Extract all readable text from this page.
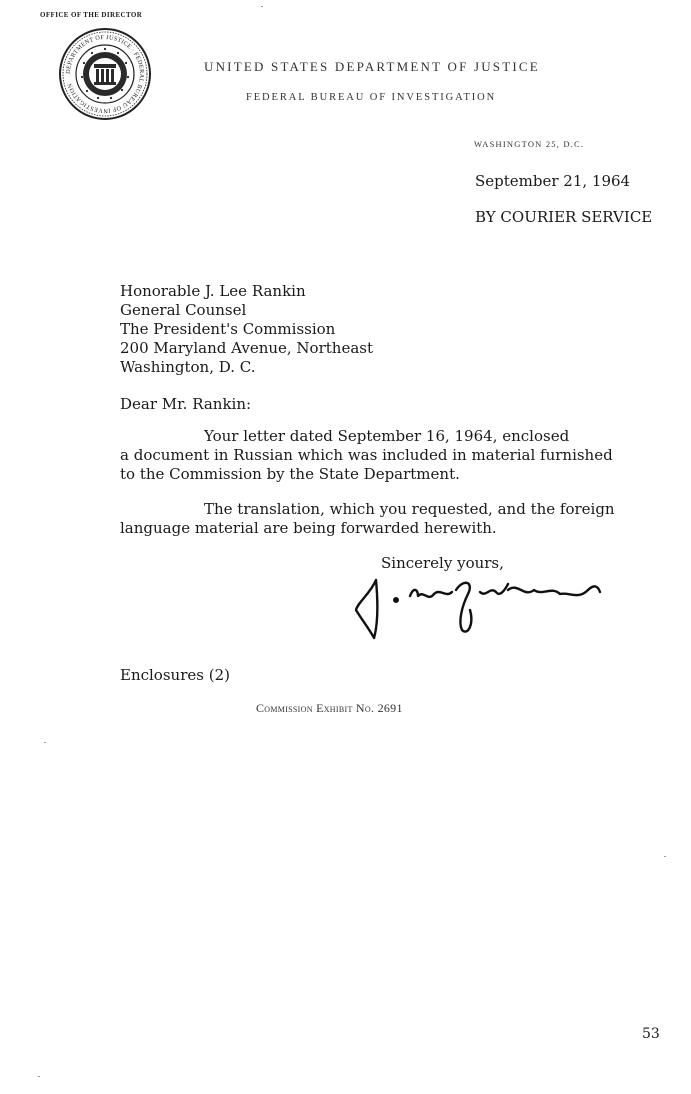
OFFICE OF THE DIRECTOR
DEPARTMENT OF JUSTICE · FEDERAL BUREAU OF INVESTIGATION
UNITED STATES DEPARTMENT OF JUSTICE
FEDERAL BUREAU OF INVESTIGATION
WASHINGTON 25, D.C.
September 21, 1964
BY COURIER SERVICE
Honorable J. Lee Rankin
General Counsel
The President's Commission
200 Maryland Avenue, Northeast
Washington, D. C.
Dear Mr. Rankin:
Your letter dated September 16, 1964, enclosed
a document in Russian which was included in material furnished
to the Commission by the State Department.
The translation, which you requested, and the foreign
language material are being forwarded herewith.
Sincerely yours,
Enclosures (2)
Commission Exhibit No. 2691
53
